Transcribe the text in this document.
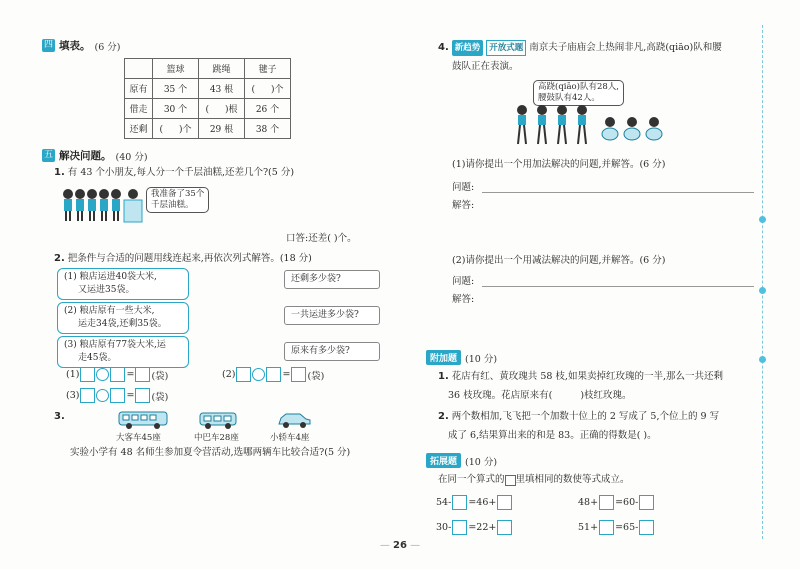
四 填表。 (6 分)
	篮球	跳绳	毽子
原有	35 个	43 根	( )个
借走	30 个	( )根	26 个
还剩	( )个	29 根	38 个
五 解决问题。 (40 分)
1. 有 43 个小朋友,每人分一个千层油糕,还差几个?(5 分)
我准备了35个
千层油糕。
口答:还差( )个。
2. 把条件与合适的问题用线连起来,再依次列式解答。(18 分)
(1) 粮店运进40袋大米,
又运进35袋。
(2) 粮店原有一些大米,
运走34袋,还剩35袋。
(3) 粮店原有77袋大米,运
走45袋。
还剩多少袋?
一共运进多少袋?
原来有多少袋?
(1)	= (袋)	(2)	= (袋)
(3)	= (袋)
3.
大客车45座	中巴车28座	小轿车4座
实验小学有 48 名师生参加夏令营活动,选哪两辆车比较合适?(5 分)
4. 新趋势	开放式题 南京夫子庙庙会上热闹非凡,高跷(qiāo)队和腰
鼓队正在表演。
高跷(qiāo)队有28人,
腰鼓队有42人。
(1)请你提出一个用加法解决的问题,并解答。(6 分)
问题:
解答:
(2)请你提出一个用减法解决的问题,并解答。(6 分)
问题:
解答:
附加题 (10 分)
1. 花店有红、黄玫瑰共 58 枝,如果卖掉红玫瑰的一半,那么一共还剩
36 枝玫瑰。花店原来有(	)枝红玫瑰。
2. 两个数相加,飞飞把一个加数十位上的 2 写成了 5,个位上的 9 写
成了 6,结果算出来的和是 83。正确的得数是( )。
拓展题 (10 分)
在同一个算式的 里填相同的数使等式成立。
54- =46+	48+ =60-
30- =22+	51+ =65-
— 26 —
